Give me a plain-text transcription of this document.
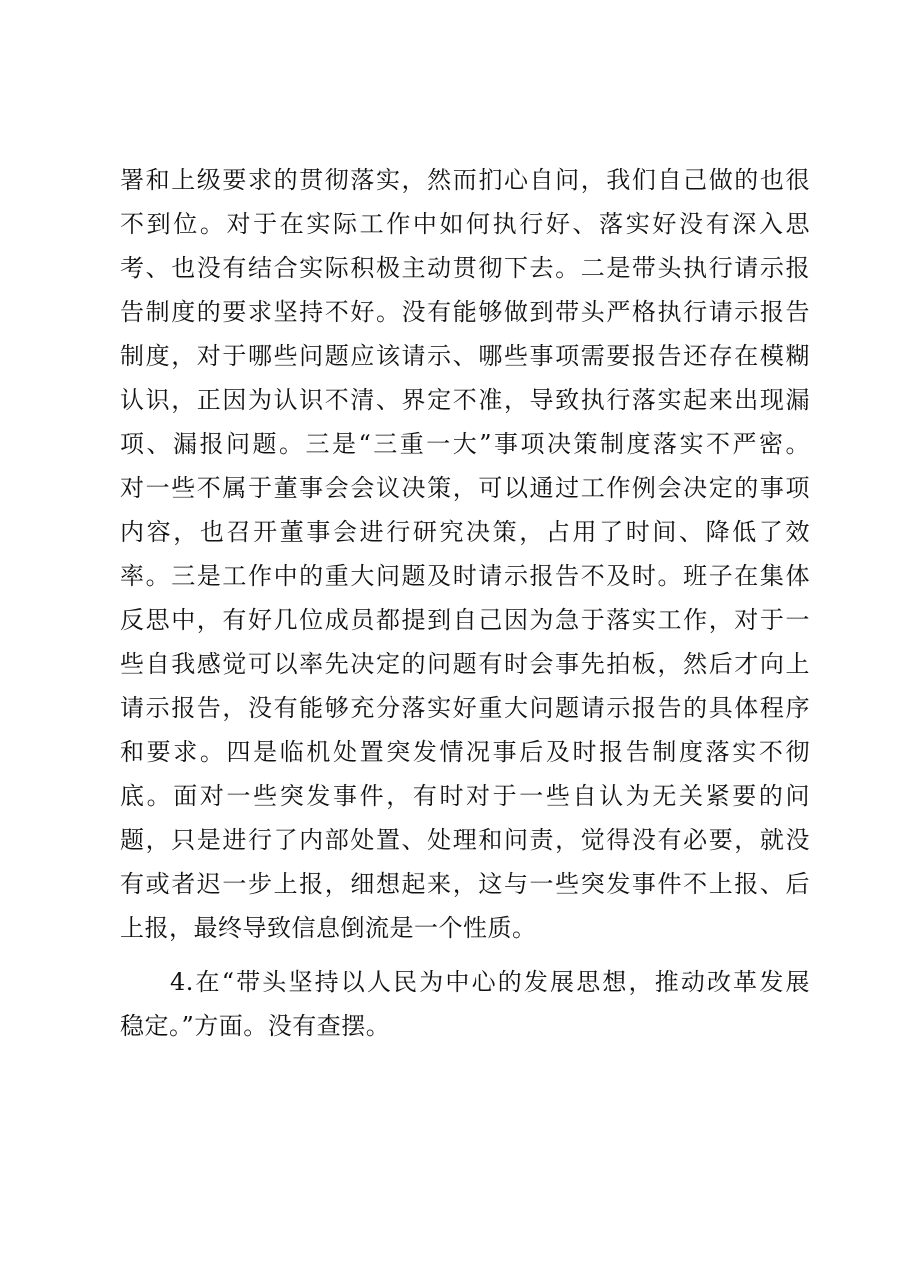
署和上级要求的贯彻落实，然而扪心自问，我们自己做的也很
不到位。对于在实际工作中如何执行好、落实好没有深入思
考、也没有结合实际积极主动贯彻下去。二是带头执行请示报
告制度的要求坚持不好。没有能够做到带头严格执行请示报告
制度，对于哪些问题应该请示、哪些事项需要报告还存在模糊
认识，正因为认识不清、界定不准，导致执行落实起来出现漏
项、漏报问题。三是“三重一大”事项决策制度落实不严密。
对一些不属于董事会会议决策，可以通过工作例会决定的事项
内容，也召开董事会进行研究决策，占用了时间、降低了效
率。三是工作中的重大问题及时请示报告不及时。班子在集体
反思中，有好几位成员都提到自己因为急于落实工作，对于一
些自我感觉可以率先决定的问题有时会事先拍板，然后才向上
请示报告，没有能够充分落实好重大问题请示报告的具体程序
和要求。四是临机处置突发情况事后及时报告制度落实不彻
底。面对一些突发事件，有时对于一些自认为无关紧要的问
题，只是进行了内部处置、处理和问责，觉得没有必要，就没
有或者迟一步上报，细想起来，这与一些突发事件不上报、后
上报，最终导致信息倒流是一个性质。
4.在“带头坚持以人民为中心的发展思想，推动改革发展
稳定。”方面。没有查摆。
